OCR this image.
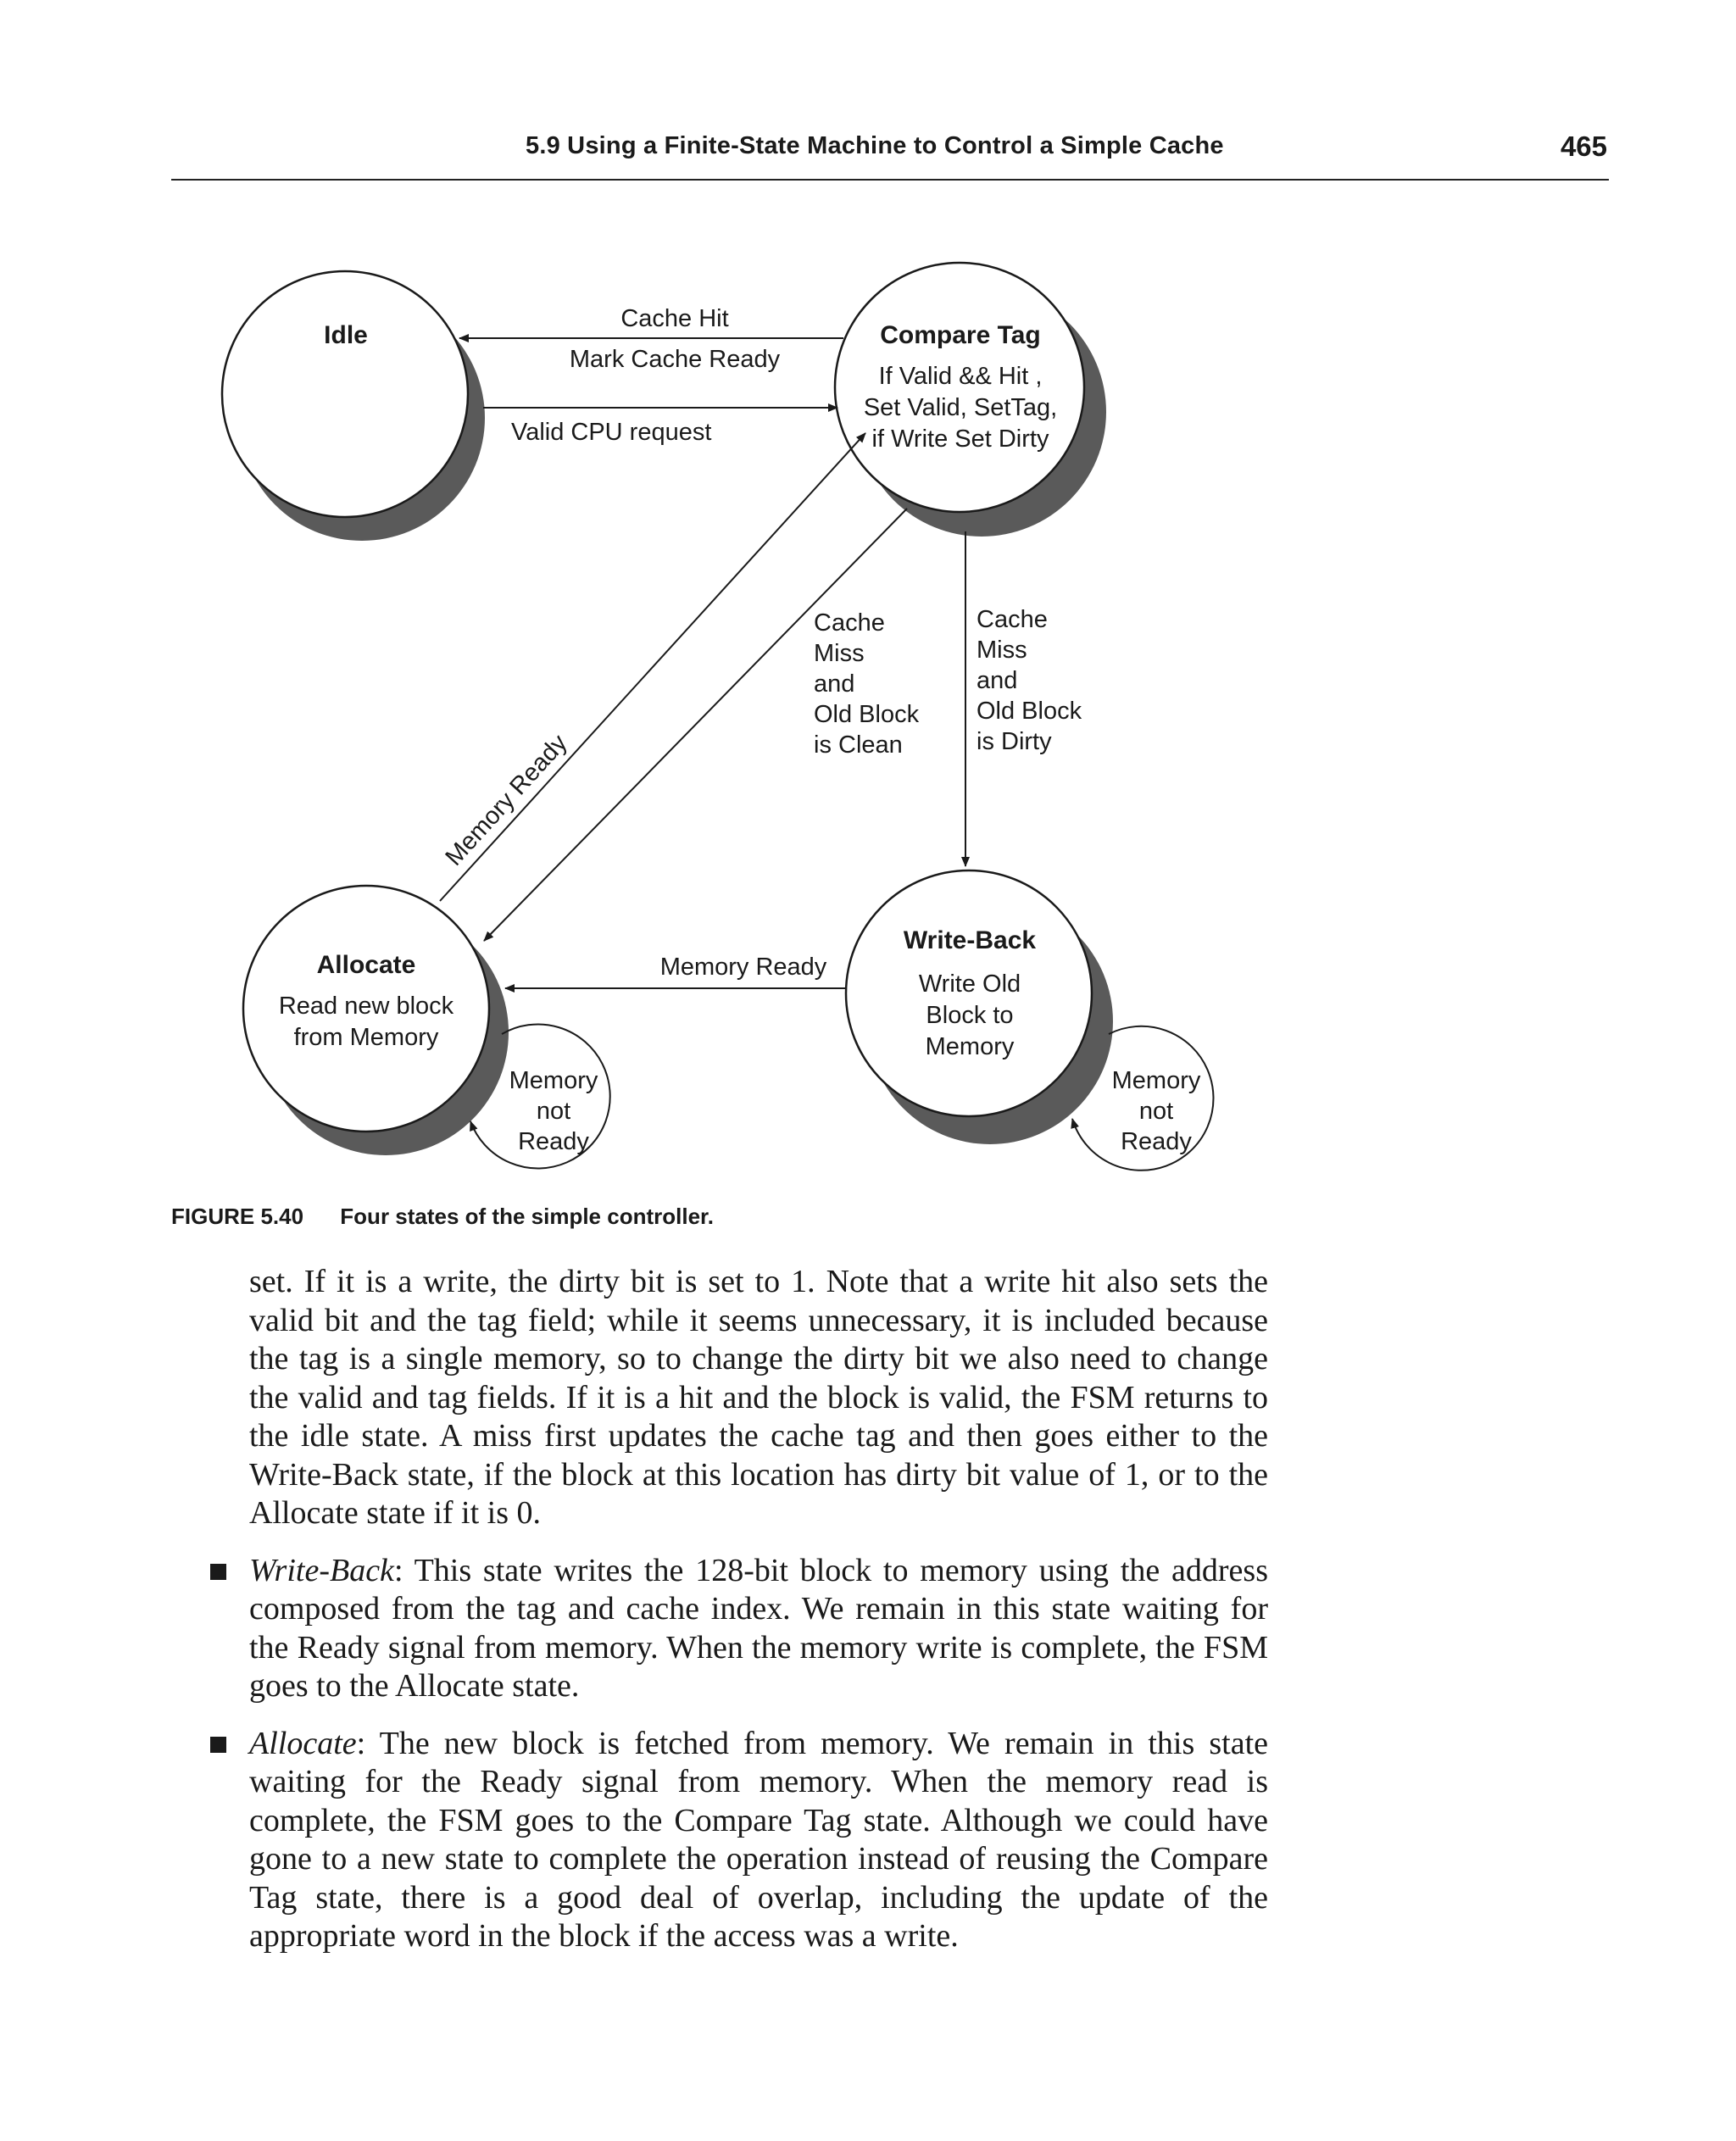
5.9 Using a Finite-State Machine to Control a Simple Cache	465
Idle	Compare Tag
If Valid && Hit ,
Set Valid, SetTag,
if Write Set Dirty
Allocate
Read new block
from Memory
Write-Back
Write Old
Block to
Memory
Cache Hit
Mark Cache Ready
Valid CPU request
Memory Ready
Cache
Miss
and
Old Block
is Clean
Cache
Miss
and
Old Block
is Dirty
Memory Ready
Memory
not
Ready
Memory
not
Ready
FIGURE 5.40 Four states of the simple controller.

set. If it is a write, the dirty bit is set to 1. Note that a write hit also sets the valid bit and the tag field; while it seems unnecessary, it is included because the tag is a single memory, so to change the dirty bit we also need to change the valid and tag fields. If it is a hit and the block is valid, the FSM returns to the idle state. A miss first updates the cache tag and then goes either to the Write-Back state, if the block at this location has dirty bit value of 1, or to the Allocate state if it is 0.

Write-Back: This state writes the 128-bit block to memory using the address composed from the tag and cache index. We remain in this state waiting for the Ready signal from memory. When the memory write is complete, the FSM goes to the Allocate state.
Allocate: The new block is fetched from memory. We remain in this state waiting for the Ready signal from memory. When the memory read is complete, the FSM goes to the Compare Tag state. Although we could have gone to a new state to complete the operation instead of reusing the Compare Tag state, there is a good deal of overlap, including the update of the appropriate word in the block if the access was a write.
